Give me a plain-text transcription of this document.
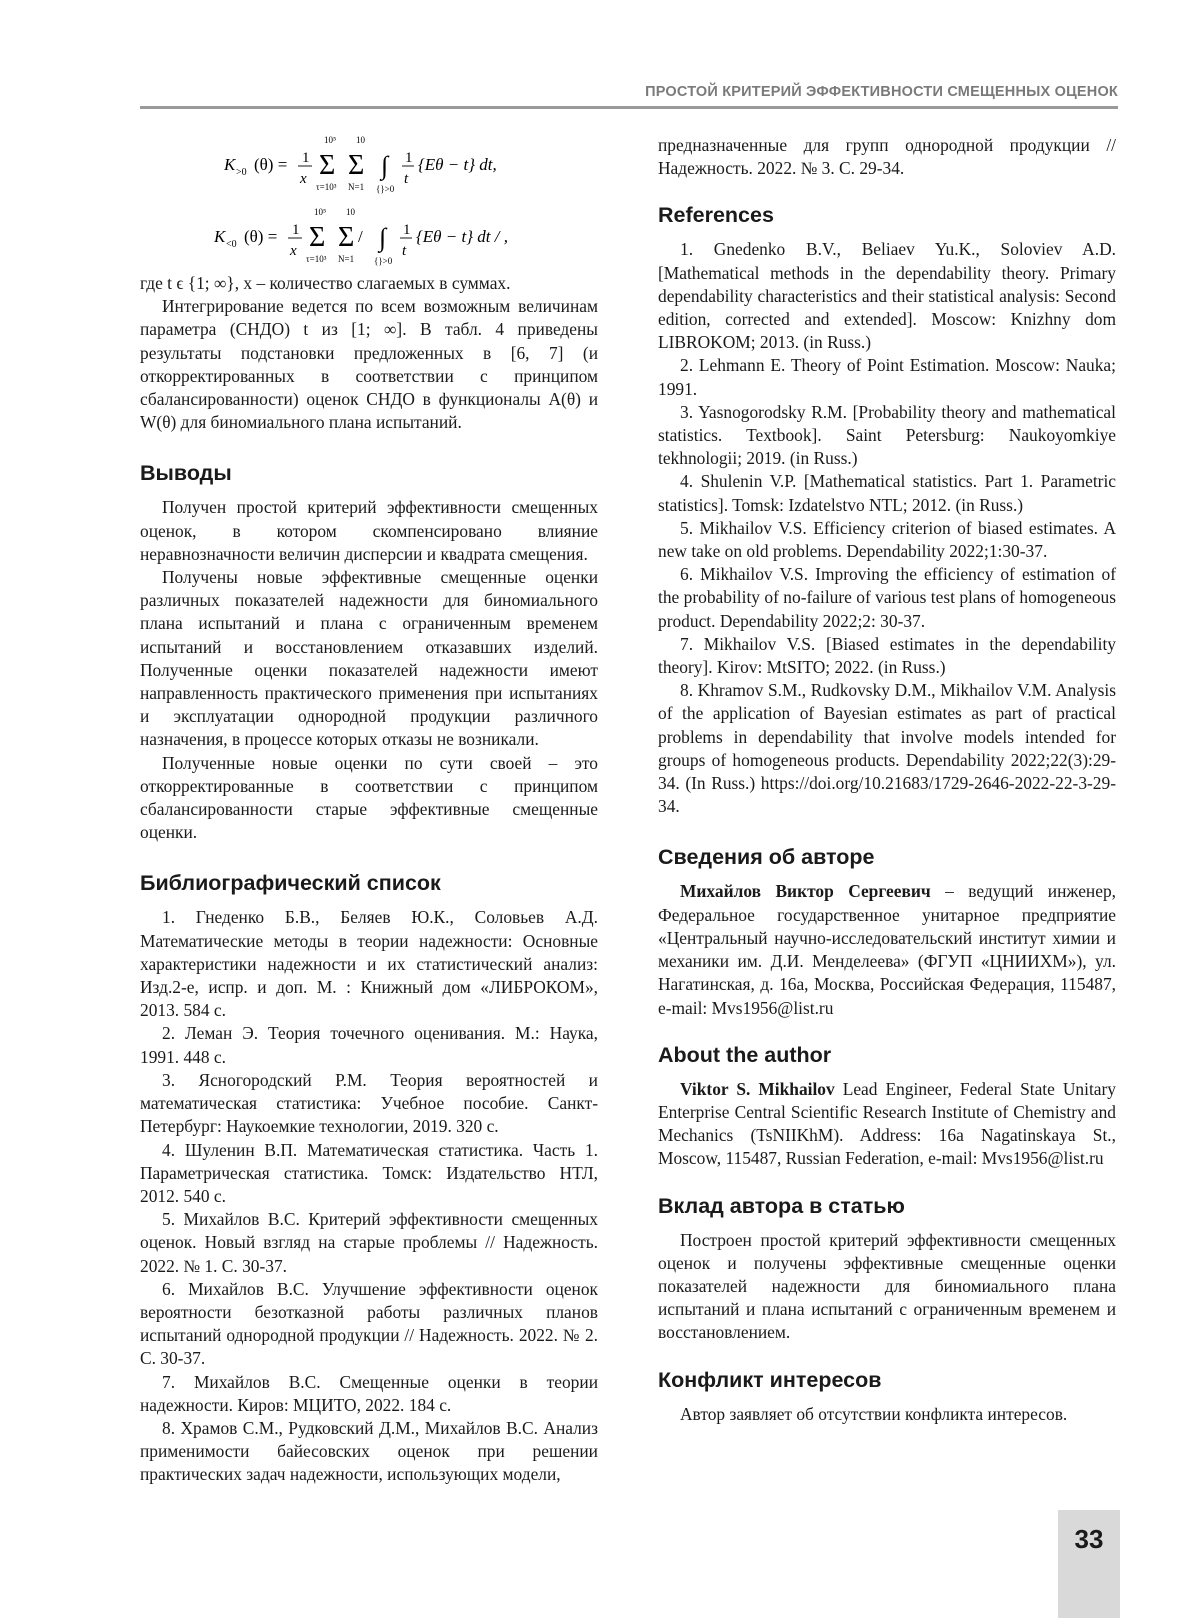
ПРОСТОЙ КРИТЕРИЙ ЭФФЕКТИВНОСТИ СМЕЩЕННЫХ ОЦЕНОК
K >0 (θ) = 1
x
10⁵
Σ
τ=10³
10
Σ
N=1
∫
{}>0
1
t
{Eθ − t} dt,
K <0 (θ) = 1
x
10⁵
Σ
τ=10³
10
Σ
N=1
/ ∫
{}>0
1
t
{Eθ − t} dt / ,

где t ϵ {1; ∞}, x – количество слагаемых в суммах.

Интегрирование ведется по всем возможным величинам параметра (СНДО) t из [1; ∞]. В табл. 4 приведены результаты подстановки предложенных в [6, 7] (и откорректированных в соответствии с принципом сбалансированности) оценок СНДО в функционалы A(θ) и W(θ) для биномиального плана испытаний.

Выводы

Получен простой критерий эффективности смещенных оценок, в котором скомпенсировано влияние неравнозначности величин дисперсии и квадрата смещения.

Получены новые эффективные смещенные оценки различных показателей надежности для биномиального плана испытаний и плана с ограниченным временем испытаний и восстановлением отказавших изделий. Полученные оценки показателей надежности имеют направленность практического применения при испытаниях и эксплуатации однородной продукции различного назначения, в процессе которых отказы не возникали.

Полученные новые оценки по сути своей – это откорректированные в соответствии с принципом сбалансированности старые эффективные смещенные оценки.

Библиографический список

1. Гнеденко Б.В., Беляев Ю.К., Соловьев А.Д. Математические методы в теории надежности: Основные характеристики надежности и их статистический анализ: Изд.2-е, испр. и доп. М. : Книжный дом «ЛИБРОКОМ», 2013. 584 с.

2. Леман Э. Теория точечного оценивания. М.: Наука, 1991. 448 с.

3. Ясногородский Р.М. Теория вероятностей и математическая статистика: Учебное пособие. Санкт-Петербург: Наукоемкие технологии, 2019. 320 с.

4. Шуленин В.П. Математическая статистика. Часть 1. Параметрическая статистика. Томск: Издательство НТЛ, 2012. 540 с.

5. Михайлов В.С. Критерий эффективности смещенных оценок. Новый взгляд на старые проблемы // Надежность. 2022. № 1. С. 30-37.

6. Михайлов В.С. Улучшение эффективности оценок вероятности безотказной работы различных планов испытаний однородной продукции // Надежность. 2022. № 2. С. 30-37.

7. Михайлов В.С. Смещенные оценки в теории надежности. Киров: МЦИТО, 2022. 184 с.

8. Храмов С.М., Рудковский Д.М., Михайлов В.С. Анализ применимости байесовских оценок при решении практических задач надежности, использующих модели,

предназначенные для групп однородной продукции // Надежность. 2022. № 3. С. 29-34.

References

1. Gnedenko B.V., Beliaev Yu.K., Soloviev A.D. [Mathematical methods in the dependability theory. Primary dependability characteristics and their statistical analysis: Second edition, corrected and extended]. Moscow: Knizhny dom LIBROKOM; 2013. (in Russ.)

2. Lehmann E. Theory of Point Estimation. Moscow: Nauka; 1991.

3. Yasnogorodsky R.M. [Probability theory and mathematical statistics. Textbook]. Saint Petersburg: Naukoyomkiye tekhnologii; 2019. (in Russ.)

4. Shulenin V.P. [Mathematical statistics. Part 1. Parametric statistics]. Tomsk: Izdatelstvo NTL; 2012. (in Russ.)

5. Mikhailov V.S. Efficiency criterion of biased estimates. A new take on old problems. Dependability 2022;1:30-37.

6. Mikhailov V.S. Improving the efficiency of estimation of the probability of no-failure of various test plans of homogeneous product. Dependability 2022;2: 30-37.

7. Mikhailov V.S. [Biased estimates in the dependability theory]. Kirov: MtSITO; 2022. (in Russ.)

8. Khramov S.M., Rudkovsky D.M., Mikhailov V.M. Analysis of the application of Bayesian estimates as part of practical problems in dependability that involve models intended for groups of homogeneous products. Dependability 2022;22(3):29-34. (In Russ.) https://doi.org/10.21683/1729-2646-2022-22-3-29-34.

Сведения об авторе

Михайлов Виктор Сергеевич – ведущий инженер, Федеральное государственное унитарное предприятие «Центральный научно-исследовательский институт химии и механики им. Д.И. Менделеева» (ФГУП «ЦНИИХМ»), ул. Нагатинская, д. 16а, Москва, Российская Федерация, 115487, e-mail: Mvs1956@list.ru

About the author

Viktor S. Mikhailov Lead Engineer, Federal State Unitary Enterprise Central Scientific Research Institute of Chemistry and Mechanics (TsNIIKhM). Address: 16a Nagatinskaya St., Moscow, 115487, Russian Federation, e-mail: Mvs1956@list.ru

Вклад автора в статью

Построен простой критерий эффективности смещенных оценок и получены эффективные смещенные оценки показателей надежности для биномиального плана испытаний и плана испытаний с ограниченным временем и восстановлением.

Конфликт интересов

Автор заявляет об отсутствии конфликта интересов.

33
